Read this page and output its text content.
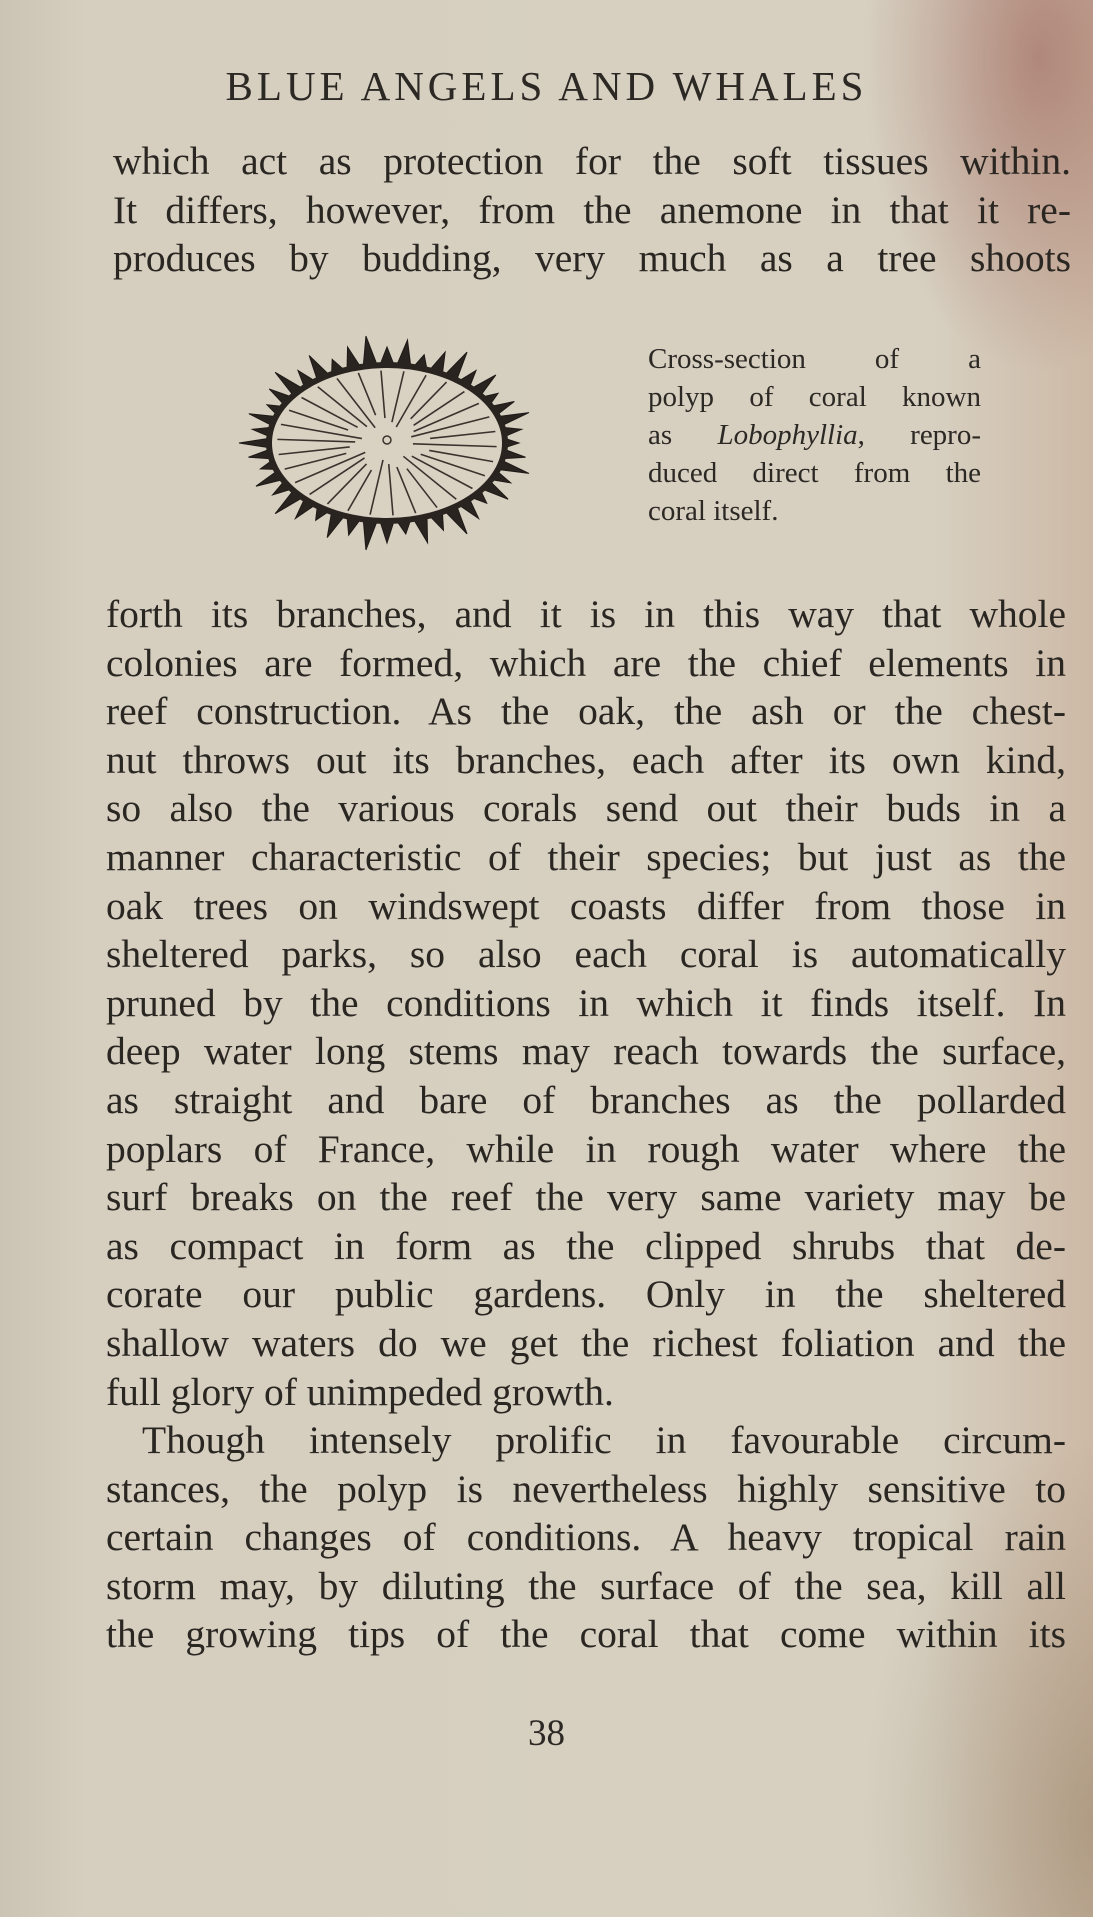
BLUE ANGELS AND WHALES
which act as protection for the soft tissues within.
It differs, however, from the anemone in that it re-
produces by budding, very much as a tree shoots
Cross-section of a
polyp of coral known
as Lobophyllia, repro-
duced direct from the
coral itself.
forth its branches, and it is in this way that whole
colonies are formed, which are the chief elements in
reef construction. As the oak, the ash or the chest-
nut throws out its branches, each after its own kind,
so also the various corals send out their buds in a
manner characteristic of their species; but just as the
oak trees on windswept coasts differ from those in
sheltered parks, so also each coral is automatically
pruned by the conditions in which it finds itself. In
deep water long stems may reach towards the surface,
as straight and bare of branches as the pollarded
poplars of France, while in rough water where the
surf breaks on the reef the very same variety may be
as compact in form as the clipped shrubs that de-
corate our public gardens. Only in the sheltered
shallow waters do we get the richest foliation and the
full glory of unimpeded growth.
Though intensely prolific in favourable circum-
stances, the polyp is nevertheless highly sensitive to
certain changes of conditions. A heavy tropical rain
storm may, by diluting the surface of the sea, kill all
the growing tips of the coral that come within its
38
